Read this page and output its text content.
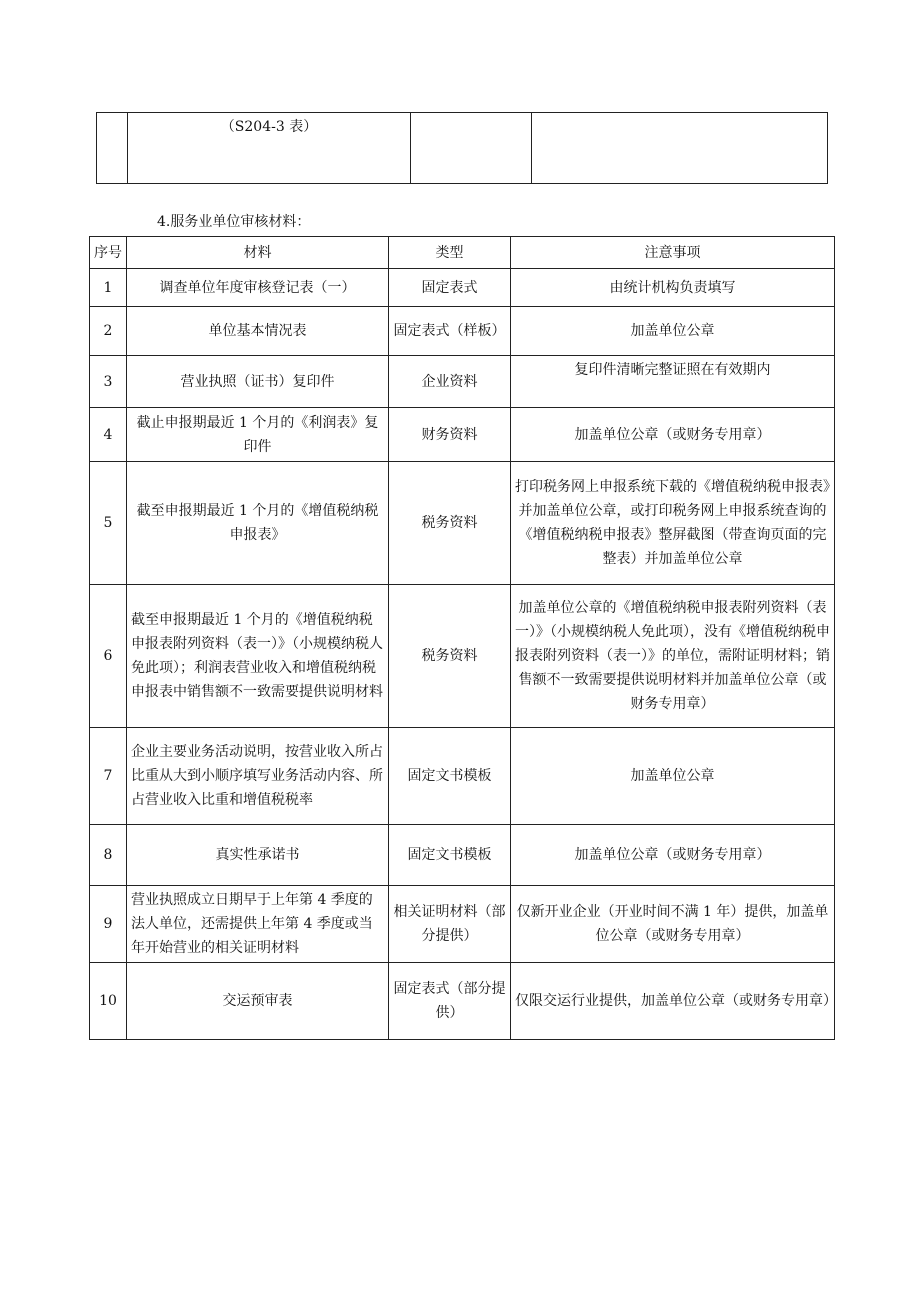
	（S204-3 表）		
4.服务业单位审核材料：
序号	材料	类型	注意事项
1	调查单位年度审核登记表（一）	固定表式	由统计机构负责填写
2	单位基本情况表	固定表式（样板）	加盖单位公章
3	营业执照（证书）复印件	企业资料	复印件清晰完整证照在有效期内
4	截止申报期最近 1 个月的《利润表》复印件	财务资料	加盖单位公章（或财务专用章）
5	截至申报期最近 1 个月的《增值税纳税申报表》	税务资料	打印税务网上申报系统下载的《增值税纳税申报表》并加盖单位公章，或打印税务网上申报系统查询的《增值税纳税申报表》整屏截图（带查询页面的完整表）并加盖单位公章
6	截至申报期最近 1 个月的《增值税纳税申报表附列资料（表一）》（小规模纳税人免此项）；利润表营业收入和增值税纳税申报表中销售额不一致需要提供说明材料	税务资料	加盖单位公章的《增值税纳税申报表附列资料（表一）》（小规模纳税人免此项），没有《增值税纳税申报表附列资料（表一）》的单位，需附证明材料；销售额不一致需要提供说明材料并加盖单位公章（或财务专用章）
7	企业主要业务活动说明，按营业收入所占比重从大到小顺序填写业务活动内容、所占营业收入比重和增值税税率	固定文书模板	加盖单位公章
8	真实性承诺书	固定文书模板	加盖单位公章（或财务专用章）
9	营业执照成立日期早于上年第 4 季度的法人单位，还需提供上年第 4 季度或当年开始营业的相关证明材料	相关证明材料（部分提供）	仅新开业企业（开业时间不满 1 年）提供，加盖单位公章（或财务专用章）
10	交运预审表	固定表式（部分提供）	仅限交运行业提供，加盖单位公章（或财务专用章）
